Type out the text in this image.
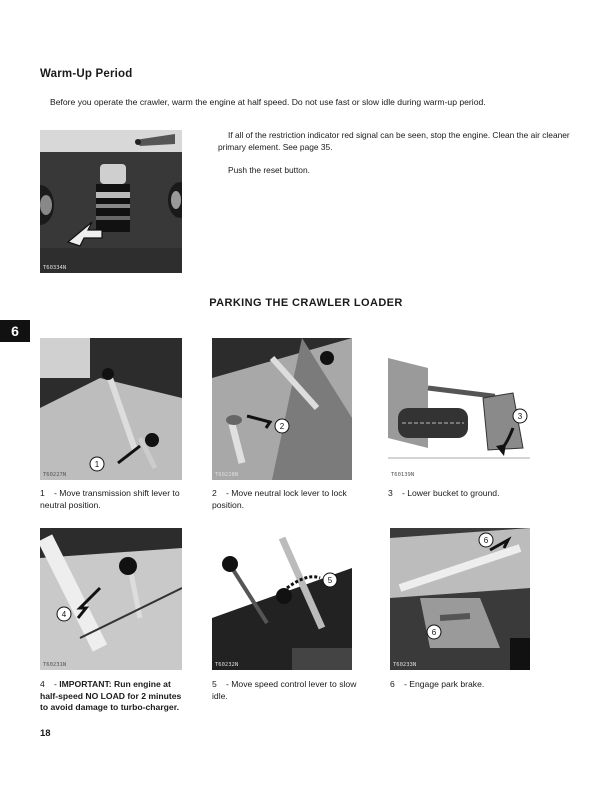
Warm-Up Period
Before you operate the crawler, warm the engine at half speed. Do not use fast or slow idle during warm-up period.
T60334N

If all of the restriction indicator red signal can be seen, stop the engine. Clean the air cleaner primary element. See page 35.

Push the reset button.

PARKING THE CRAWLER LOADER
6
1
T60227N
2
T60228N
3
T60139N
1 - Move transmission shift lever to neutral position.
2 - Move neutral lock lever to lock position.
3 - Lower bucket to ground.
4
T60231N
5
T60232N
6
6
T60233N
4 - IMPORTANT: Run engine at half-speed NO LOAD for 2 minutes to avoid damage to turbo-charger.
5 - Move speed control lever to slow idle.
6 - Engage park brake.
18
